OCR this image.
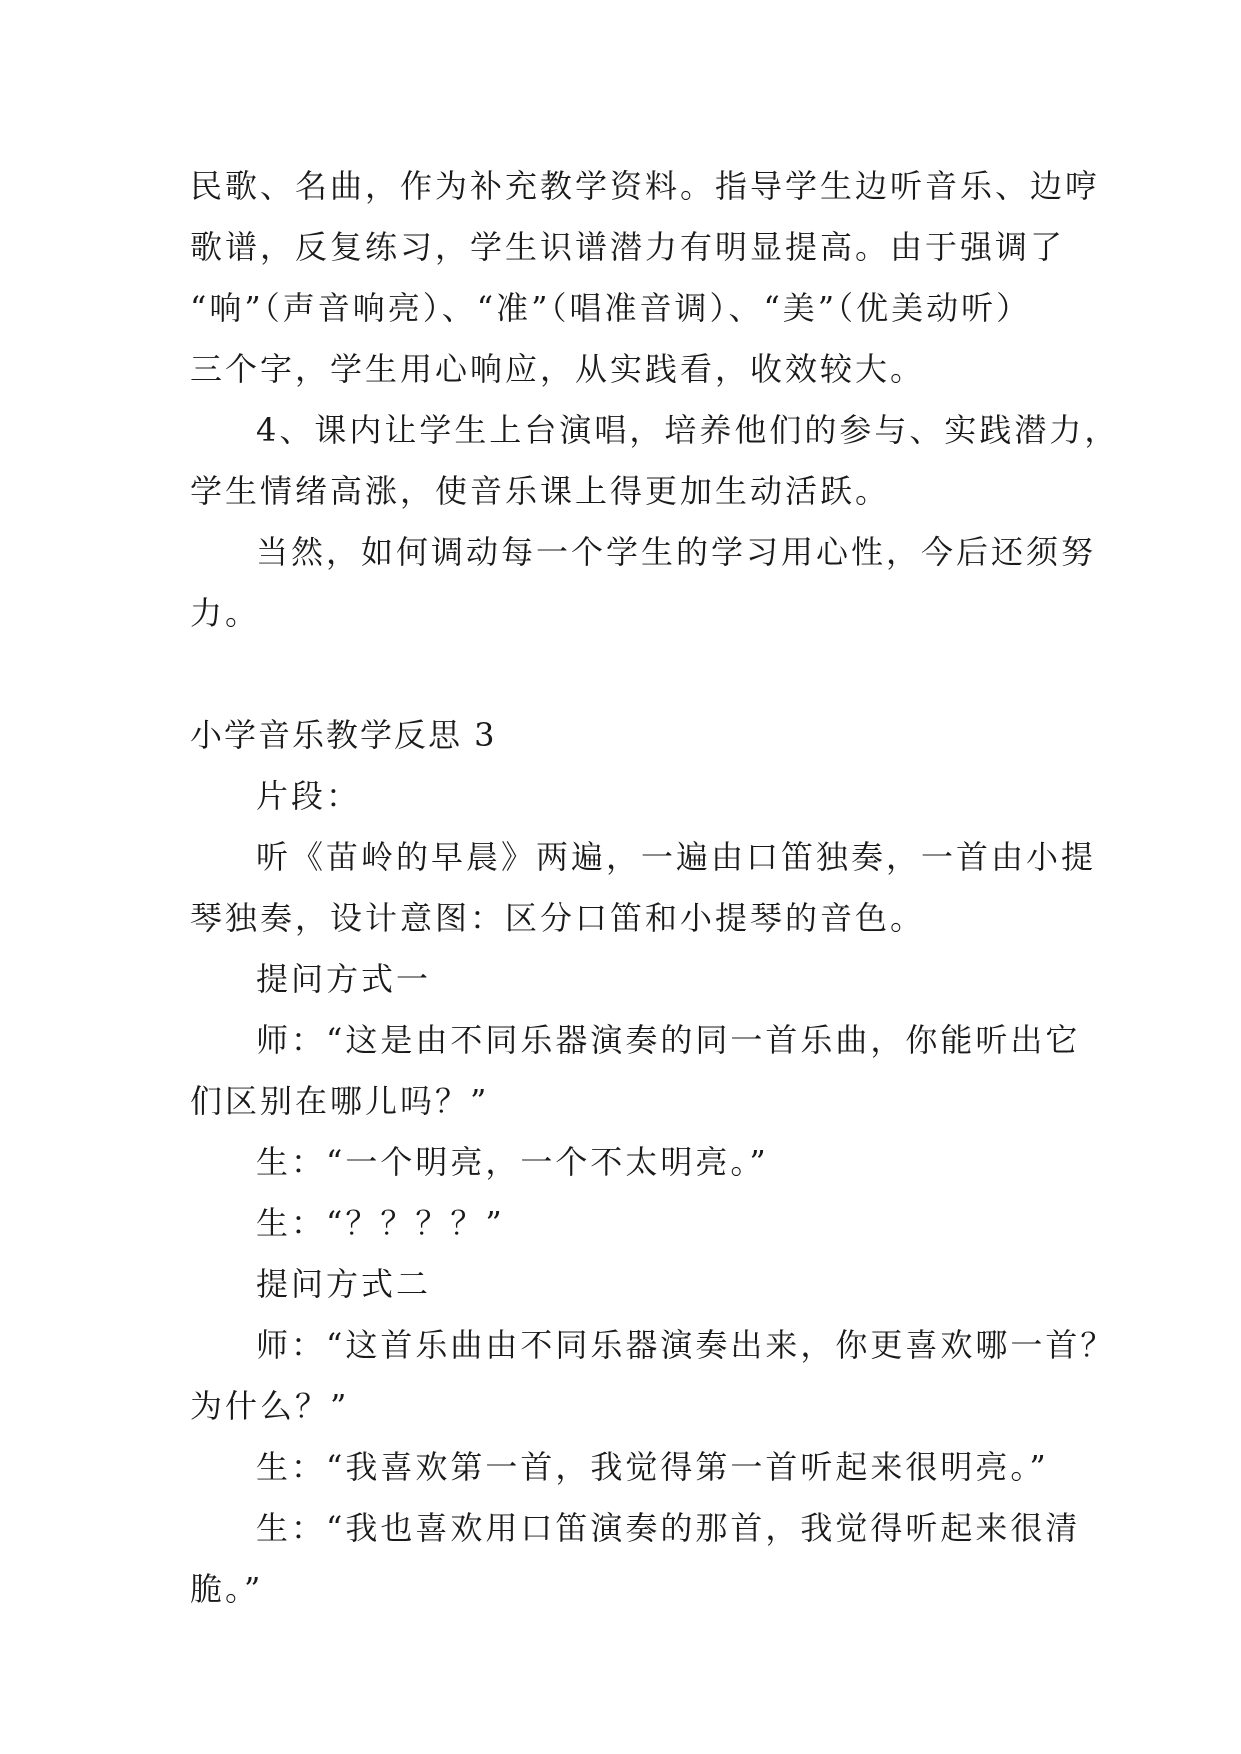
民歌、名曲，作为补充教学资料。指导学生边听音乐、边哼

歌谱，反复练习，学生识谱潜力有明显提高。由于强调了

“响”（声音响亮）、“准”（唱准音调）、“美”（优美动听）

三个字，学生用心响应，从实践看，收效较大。

4、课内让学生上台演唱，培养他们的参与、实践潜力，

学生情绪高涨，使音乐课上得更加生动活跃。

当然，如何调动每一个学生的学习用心性，今后还须努

力。

小学音乐教学反思 3

片段：

听《苗岭的早晨》两遍，一遍由口笛独奏，一首由小提

琴独奏，设计意图：区分口笛和小提琴的音色。

提问方式一

师：“这是由不同乐器演奏的同一首乐曲，你能听出它

们区别在哪儿吗？”

生：“一个明亮，一个不太明亮。”

生：“？？？？”

提问方式二

师：“这首乐曲由不同乐器演奏出来，你更喜欢哪一首？

为什么？”

生：“我喜欢第一首，我觉得第一首听起来很明亮。”

生：“我也喜欢用口笛演奏的那首，我觉得听起来很清

脆。”
